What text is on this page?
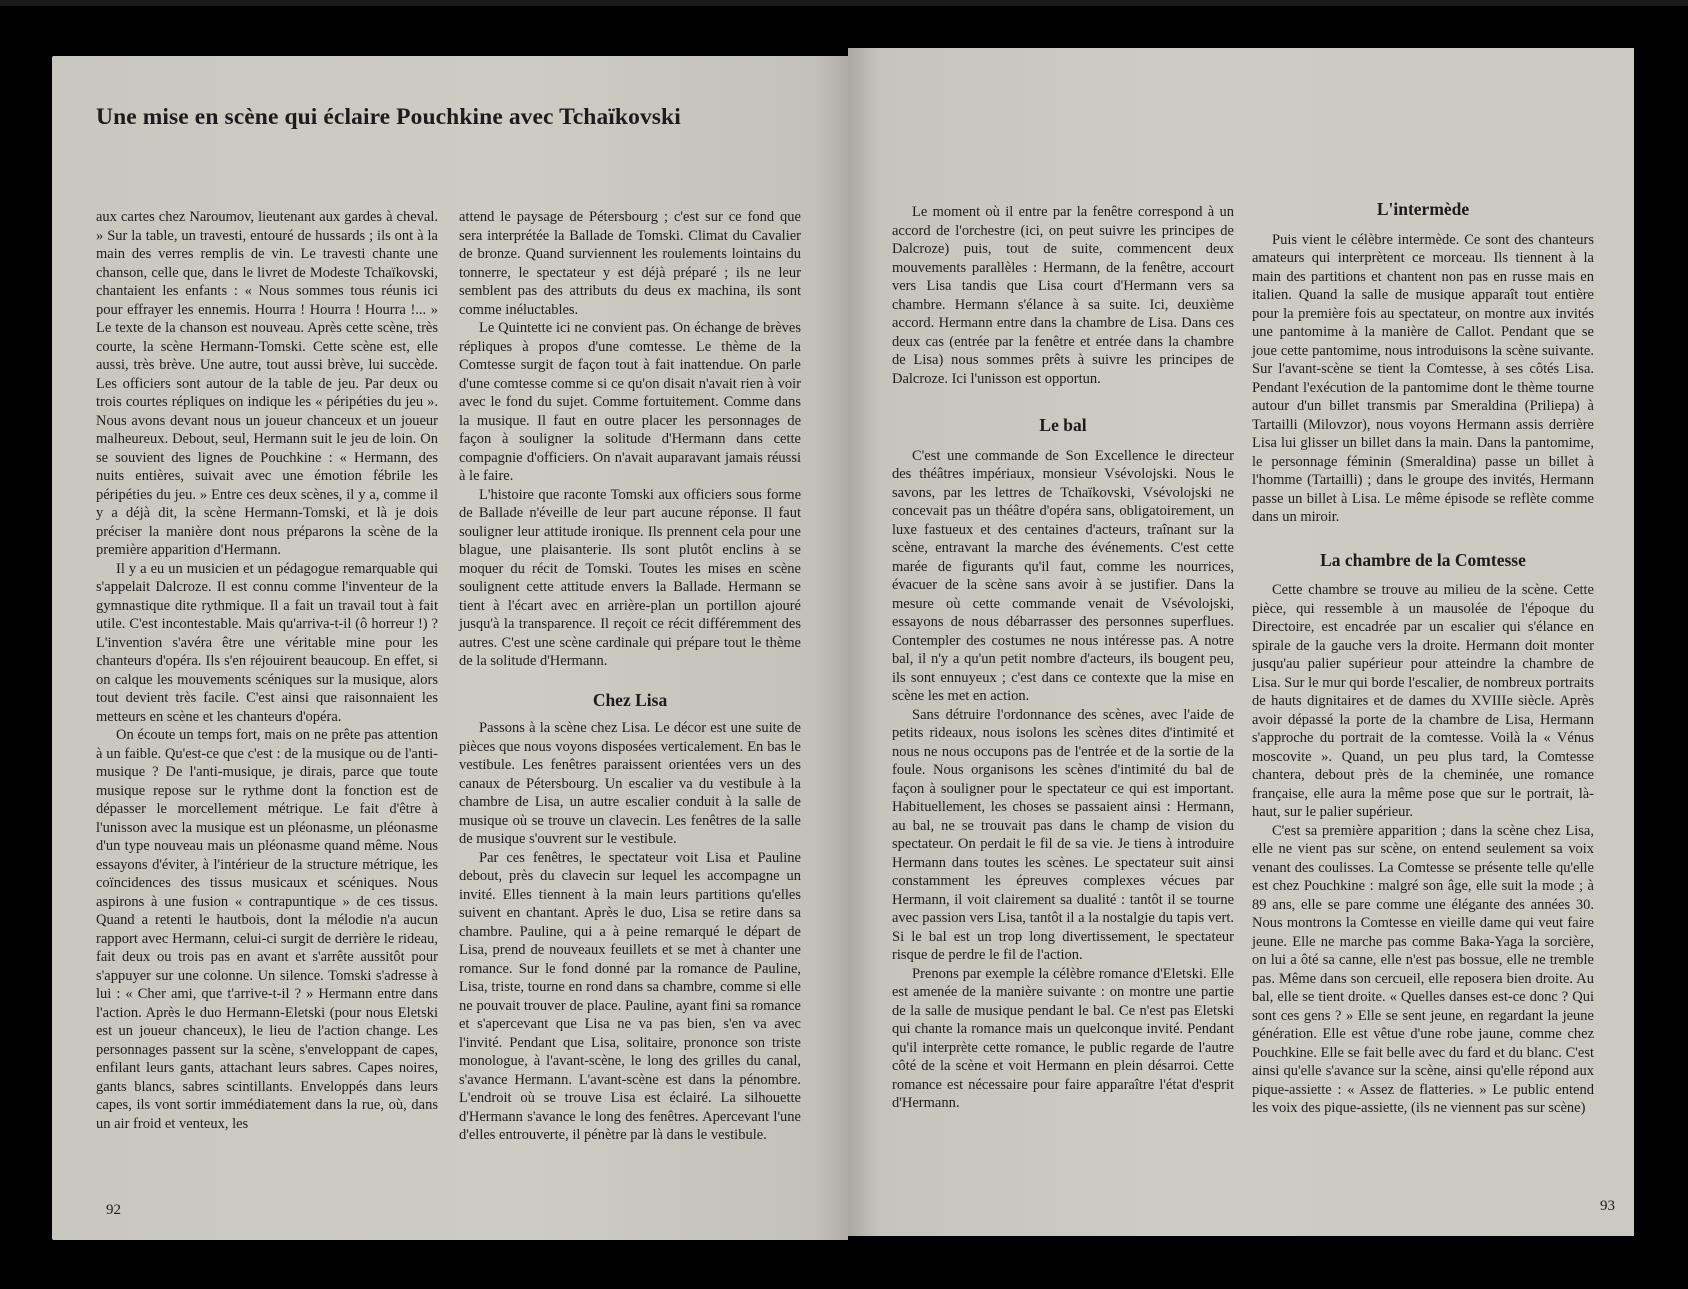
Une mise en scène qui éclaire Pouchkine avec Tchaïkovski

aux cartes chez Naroumov, lieutenant aux gardes à cheval. » Sur la table, un travesti, entouré de hussards ; ils ont à la main des verres remplis de vin. Le travesti chante une chanson, celle que, dans le livret de Modeste Tchaïkovski, chantaient les enfants : « Nous sommes tous réunis ici pour effrayer les ennemis. Hourra ! Hourra ! Hourra !... » Le texte de la chanson est nouveau. Après cette scène, très courte, la scène Hermann-Tomski. Cette scène est, elle aussi, très brève. Une autre, tout aussi brève, lui succède. Les officiers sont autour de la table de jeu. Par deux ou trois courtes répliques on indique les « péripéties du jeu ». Nous avons devant nous un joueur chanceux et un joueur malheureux. Debout, seul, Hermann suit le jeu de loin. On se souvient des lignes de Pouchkine : « Hermann, des nuits entières, suivait avec une émotion fébrile les péripéties du jeu. » Entre ces deux scènes, il y a, comme il y a déjà dit, la scène Hermann-Tomski, et là je dois préciser la manière dont nous préparons la scène de la première apparition d'Hermann.

Il y a eu un musicien et un pédagogue remarquable qui s'appelait Dalcroze. Il est connu comme l'inventeur de la gymnastique dite rythmique. Il a fait un travail tout à fait utile. C'est incontestable. Mais qu'arriva-t-il (ô horreur !) ? L'invention s'avéra être une véritable mine pour les chanteurs d'opéra. Ils s'en réjouirent beaucoup. En effet, si on calque les mouvements scéniques sur la musique, alors tout devient très facile. C'est ainsi que raisonnaient les metteurs en scène et les chanteurs d'opéra.

On écoute un temps fort, mais on ne prête pas attention à un faible. Qu'est-ce que c'est : de la musique ou de l'anti-musique ? De l'anti-musique, je dirais, parce que toute musique repose sur le rythme dont la fonction est de dépasser le morcellement métrique. Le fait d'être à l'unisson avec la musique est un pléonasme, un pléonasme d'un type nouveau mais un pléonasme quand même. Nous essayons d'éviter, à l'intérieur de la structure métrique, les coïncidences des tissus musicaux et scéniques. Nous aspirons à une fusion « contrapuntique » de ces tissus. Quand a retenti le hautbois, dont la mélodie n'a aucun rapport avec Hermann, celui-ci surgit de derrière le rideau, fait deux ou trois pas en avant et s'arrête aussitôt pour s'appuyer sur une colonne. Un silence. Tomski s'adresse à lui : « Cher ami, que t'arrive-t-il ? » Hermann entre dans l'action. Après le duo Hermann-Eletski (pour nous Eletski est un joueur chanceux), le lieu de l'action change. Les personnages passent sur la scène, s'enveloppant de capes, enfilant leurs gants, attachant leurs sabres. Capes noires, gants blancs, sabres scintillants. Enveloppés dans leurs capes, ils vont sortir immédiatement dans la rue, où, dans un air froid et venteux, les

attend le paysage de Pétersbourg ; c'est sur ce fond que sera interprétée la Ballade de Tomski. Climat du Cavalier de bronze. Quand surviennent les roulements lointains du tonnerre, le spectateur y est déjà préparé ; ils ne leur semblent pas des attributs du deus ex machina, ils sont comme inéluctables.

Le Quintette ici ne convient pas. On échange de brèves répliques à propos d'une comtesse. Le thème de la Comtesse surgit de façon tout à fait inattendue. On parle d'une comtesse comme si ce qu'on disait n'avait rien à voir avec le fond du sujet. Comme fortuitement. Comme dans la musique. Il faut en outre placer les personnages de façon à souligner la solitude d'Hermann dans cette compagnie d'officiers. On n'avait auparavant jamais réussi à le faire.

L'histoire que raconte Tomski aux officiers sous forme de Ballade n'éveille de leur part aucune réponse. Il faut souligner leur attitude ironique. Ils prennent cela pour une blague, une plaisanterie. Ils sont plutôt enclins à se moquer du récit de Tomski. Toutes les mises en scène soulignent cette attitude envers la Ballade. Hermann se tient à l'écart avec en arrière-plan un portillon ajouré jusqu'à la transparence. Il reçoit ce récit différemment des autres. C'est une scène cardinale qui prépare tout le thème de la solitude d'Hermann.

Chez Lisa

Passons à la scène chez Lisa. Le décor est une suite de pièces que nous voyons disposées verticalement. En bas le vestibule. Les fenêtres paraissent orientées vers un des canaux de Pétersbourg. Un escalier va du vestibule à la chambre de Lisa, un autre escalier conduit à la salle de musique où se trouve un clavecin. Les fenêtres de la salle de musique s'ouvrent sur le vestibule.

Par ces fenêtres, le spectateur voit Lisa et Pauline debout, près du clavecin sur lequel les accompagne un invité. Elles tiennent à la main leurs partitions qu'elles suivent en chantant. Après le duo, Lisa se retire dans sa chambre. Pauline, qui a à peine remarqué le départ de Lisa, prend de nouveaux feuillets et se met à chanter une romance. Sur le fond donné par la romance de Pauline, Lisa, triste, tourne en rond dans sa chambre, comme si elle ne pouvait trouver de place. Pauline, ayant fini sa romance et s'apercevant que Lisa ne va pas bien, s'en va avec l'invité. Pendant que Lisa, solitaire, prononce son triste monologue, à l'avant-scène, le long des grilles du canal, s'avance Hermann. L'avant-scène est dans la pénombre. L'endroit où se trouve Lisa est éclairé. La silhouette d'Hermann s'avance le long des fenêtres. Apercevant l'une d'elles entrouverte, il pénètre par là dans le vestibule.

92

Le moment où il entre par la fenêtre correspond à un accord de l'orchestre (ici, on peut suivre les principes de Dalcroze) puis, tout de suite, commencent deux mouvements parallèles : Hermann, de la fenêtre, accourt vers Lisa tandis que Lisa court d'Hermann vers sa chambre. Hermann s'élance à sa suite. Ici, deuxième accord. Hermann entre dans la chambre de Lisa. Dans ces deux cas (entrée par la fenêtre et entrée dans la chambre de Lisa) nous sommes prêts à suivre les principes de Dalcroze. Ici l'unisson est opportun.

Le bal

C'est une commande de Son Excellence le directeur des théâtres impériaux, monsieur Vsévolojski. Nous le savons, par les lettres de Tchaïkovski, Vsévolojski ne concevait pas un théâtre d'opéra sans, obligatoirement, un luxe fastueux et des centaines d'acteurs, traînant sur la scène, entravant la marche des événements. C'est cette marée de figurants qu'il faut, comme les nourrices, évacuer de la scène sans avoir à se justifier. Dans la mesure où cette commande venait de Vsévolojski, essayons de nous débarrasser des personnes superflues. Contempler des costumes ne nous intéresse pas. A notre bal, il n'y a qu'un petit nombre d'acteurs, ils bougent peu, ils sont ennuyeux ; c'est dans ce contexte que la mise en scène les met en action.

Sans détruire l'ordonnance des scènes, avec l'aide de petits rideaux, nous isolons les scènes dites d'intimité et nous ne nous occupons pas de l'entrée et de la sortie de la foule. Nous organisons les scènes d'intimité du bal de façon à souligner pour le spectateur ce qui est important. Habituellement, les choses se passaient ainsi : Hermann, au bal, ne se trouvait pas dans le champ de vision du spectateur. On perdait le fil de sa vie. Je tiens à introduire Hermann dans toutes les scènes. Le spectateur suit ainsi constamment les épreuves complexes vécues par Hermann, il voit clairement sa dualité : tantôt il se tourne avec passion vers Lisa, tantôt il a la nostalgie du tapis vert. Si le bal est un trop long divertissement, le spectateur risque de perdre le fil de l'action.

Prenons par exemple la célèbre romance d'Eletski. Elle est amenée de la manière suivante : on montre une partie de la salle de musique pendant le bal. Ce n'est pas Eletski qui chante la romance mais un quelconque invité. Pendant qu'il interprète cette romance, le public regarde de l'autre côté de la scène et voit Hermann en plein désarroi. Cette romance est nécessaire pour faire apparaître l'état d'esprit d'Hermann.

L'intermède

Puis vient le célèbre intermède. Ce sont des chanteurs amateurs qui interprètent ce morceau. Ils tiennent à la main des partitions et chantent non pas en russe mais en italien. Quand la salle de musique apparaît tout entière pour la première fois au spectateur, on montre aux invités une pantomime à la manière de Callot. Pendant que se joue cette pantomime, nous introduisons la scène suivante. Sur l'avant-scène se tient la Comtesse, à ses côtés Lisa. Pendant l'exécution de la pantomime dont le thème tourne autour d'un billet transmis par Smeraldina (Priliepa) à Tartailli (Milovzor), nous voyons Hermann assis derrière Lisa lui glisser un billet dans la main. Dans la pantomime, le personnage féminin (Smeraldina) passe un billet à l'homme (Tartailli) ; dans le groupe des invités, Hermann passe un billet à Lisa. Le même épisode se reflète comme dans un miroir.

La chambre de la Comtesse

Cette chambre se trouve au milieu de la scène. Cette pièce, qui ressemble à un mausolée de l'époque du Directoire, est encadrée par un escalier qui s'élance en spirale de la gauche vers la droite. Hermann doit monter jusqu'au palier supérieur pour atteindre la chambre de Lisa. Sur le mur qui borde l'escalier, de nombreux portraits de hauts dignitaires et de dames du XVIIIe siècle. Après avoir dépassé la porte de la chambre de Lisa, Hermann s'approche du portrait de la comtesse. Voilà la « Vénus moscovite ». Quand, un peu plus tard, la Comtesse chantera, debout près de la cheminée, une romance française, elle aura la même pose que sur le portrait, là-haut, sur le palier supérieur.

C'est sa première apparition ; dans la scène chez Lisa, elle ne vient pas sur scène, on entend seulement sa voix venant des coulisses. La Comtesse se présente telle qu'elle est chez Pouchkine : malgré son âge, elle suit la mode ; à 89 ans, elle se pare comme une élégante des années 30. Nous montrons la Comtesse en vieille dame qui veut faire jeune. Elle ne marche pas comme Baka-Yaga la sorcière, on lui a ôté sa canne, elle n'est pas bossue, elle ne tremble pas. Même dans son cercueil, elle reposera bien droite. Au bal, elle se tient droite. « Quelles danses est-ce donc ? Qui sont ces gens ? » Elle se sent jeune, en regardant la jeune génération. Elle est vêtue d'une robe jaune, comme chez Pouchkine. Elle se fait belle avec du fard et du blanc. C'est ainsi qu'elle s'avance sur la scène, ainsi qu'elle répond aux pique-assiette : « Assez de flatteries. » Le public entend les voix des pique-assiette, (ils ne viennent pas sur scène)

93
